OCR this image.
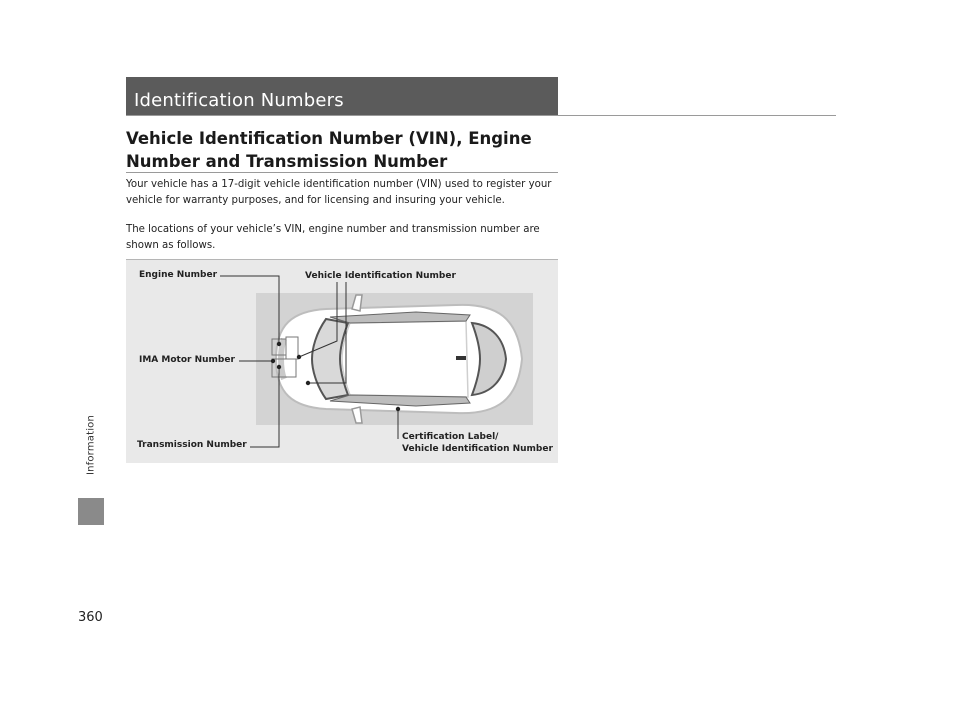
Information
Identification Numbers
Vehicle Identification Number (VIN), Engine Number and Transmission Number

Your vehicle has a 17-digit vehicle identification number (VIN) used to register your vehicle for warranty purposes, and for licensing and insuring your vehicle.

The locations of your vehicle’s VIN, engine number and transmission number are shown as follows.

Engine Number	Vehicle Identification Number
IMA Motor Number
Transmission Number
Certification Label/
Vehicle Identification Number
360
